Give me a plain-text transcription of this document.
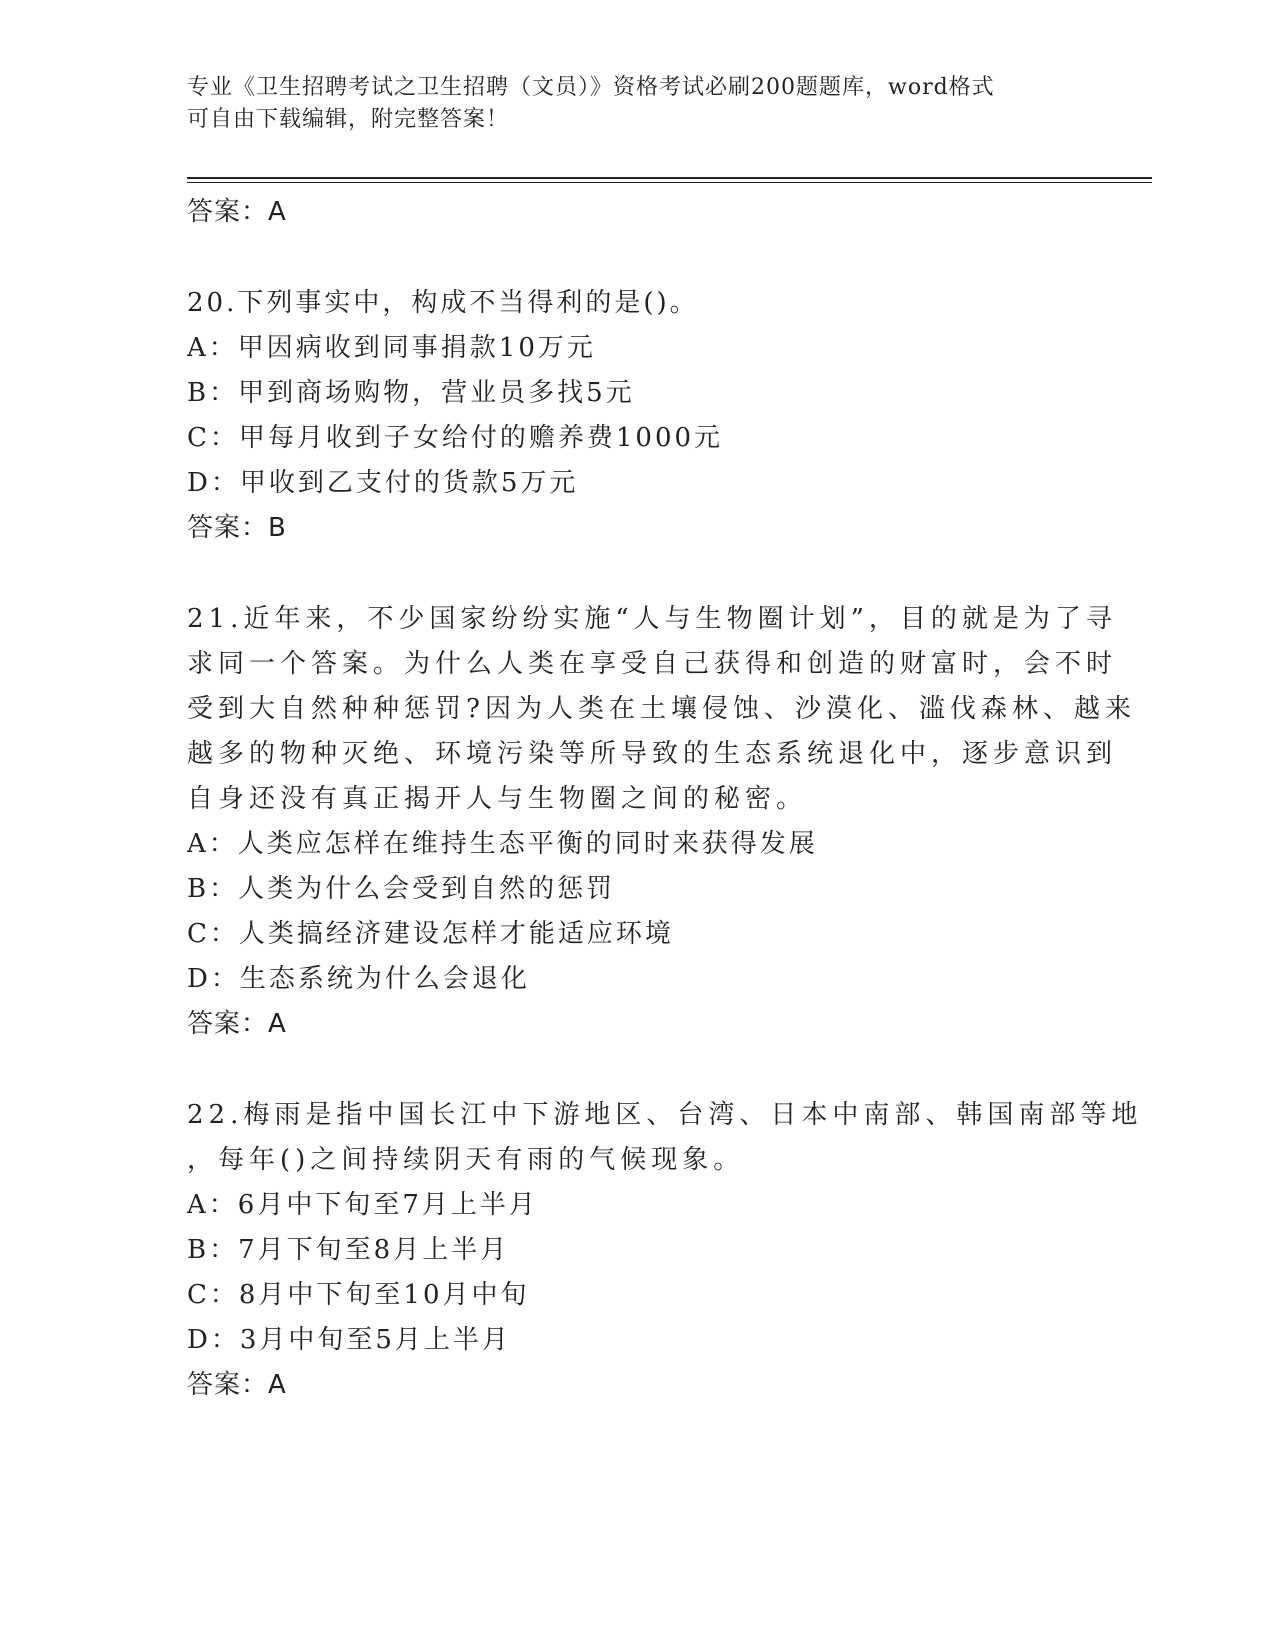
专业《卫生招聘考试之卫生招聘（文员）》资格考试必刷200题题库，word格式
可自由下载编辑，附完整答案！
答案：A
20.下列事实中，构成不当得利的是()。
A：甲因病收到同事捐款10万元
B：甲到商场购物，营业员多找5元
C：甲每月收到子女给付的赡养费1000元
D：甲收到乙支付的货款5万元
答案：B
21.近年来，不少国家纷纷实施“人与生物圈计划”，目的就是为了寻
求同一个答案。为什么人类在享受自己获得和创造的财富时，会不时
受到大自然种种惩罚?因为人类在土壤侵蚀、沙漠化、滥伐森林、越来
越多的物种灭绝、环境污染等所导致的生态系统退化中，逐步意识到
自身还没有真正揭开人与生物圈之间的秘密。
A：人类应怎样在维持生态平衡的同时来获得发展
B：人类为什么会受到自然的惩罚
C：人类搞经济建设怎样才能适应环境
D：生态系统为什么会退化
答案：A
22.梅雨是指中国长江中下游地区、台湾、日本中南部、韩国南部等地
，每年()之间持续阴天有雨的气候现象。
A：6月中下旬至7月上半月
B：7月下旬至8月上半月
C：8月中下旬至10月中旬
D：3月中旬至5月上半月
答案：A
